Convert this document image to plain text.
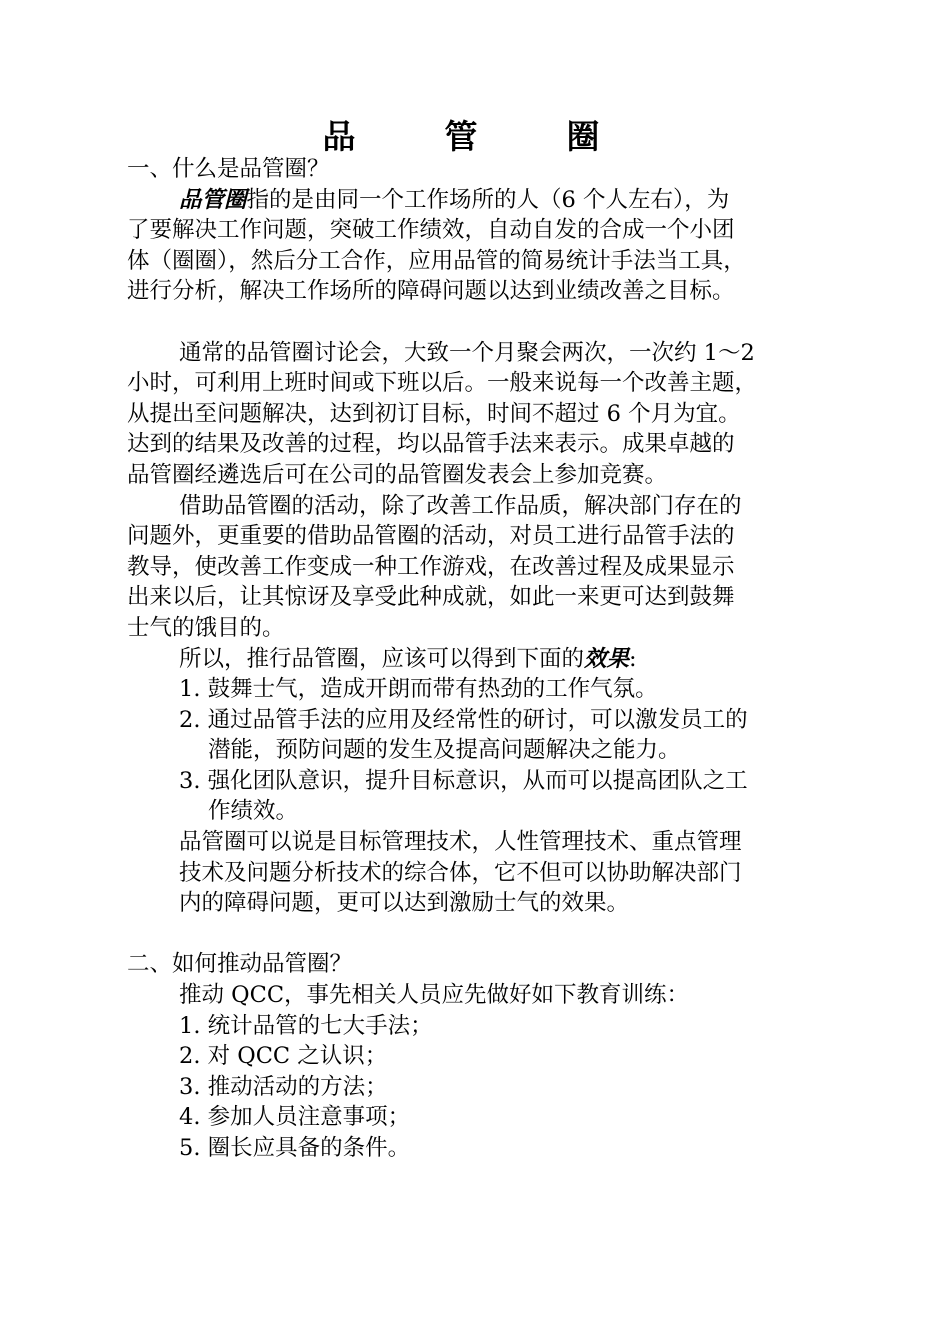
品　管　圈
一、什么是品管圈？
品管圈指的是由同一个工作场所的人（6 个人左右），为
了要解决工作问题，突破工作绩效，自动自发的合成一个小团
体（圈圈），然后分工合作，应用品管的简易统计手法当工具，
进行分析，解决工作场所的障碍问题以达到业绩改善之目标。
通常的品管圈讨论会，大致一个月聚会两次，一次约 1～2
小时，可利用上班时间或下班以后。一般来说每一个改善主题，
从提出至问题解决，达到初订目标，时间不超过 6 个月为宜。
达到的结果及改善的过程，均以品管手法来表示。成果卓越的
品管圈经遴选后可在公司的品管圈发表会上参加竞赛。
借助品管圈的活动，除了改善工作品质，解决部门存在的
问题外，更重要的借助品管圈的活动，对员工进行品管手法的
教导，使改善工作变成一种工作游戏，在改善过程及成果显示
出来以后，让其惊讶及享受此种成就，如此一来更可达到鼓舞
士气的饿目的。
所以，推行品管圈，应该可以得到下面的效果:
1. 鼓舞士气，造成开朗而带有热劲的工作气氛。
2. 通过品管手法的应用及经常性的研讨，可以激发员工的
潜能，预防问题的发生及提高问题解决之能力。
3. 强化团队意识，提升目标意识，从而可以提高团队之工
作绩效。
品管圈可以说是目标管理技术，人性管理技术、重点管理
技术及问题分析技术的综合体，它不但可以协助解决部门
内的障碍问题，更可以达到激励士气的效果。
二、如何推动品管圈？
推动 QCC，事先相关人员应先做好如下教育训练：
1. 统计品管的七大手法；
2. 对 QCC 之认识；
3. 推动活动的方法；
4. 参加人员注意事项；
5. 圈长应具备的条件。
